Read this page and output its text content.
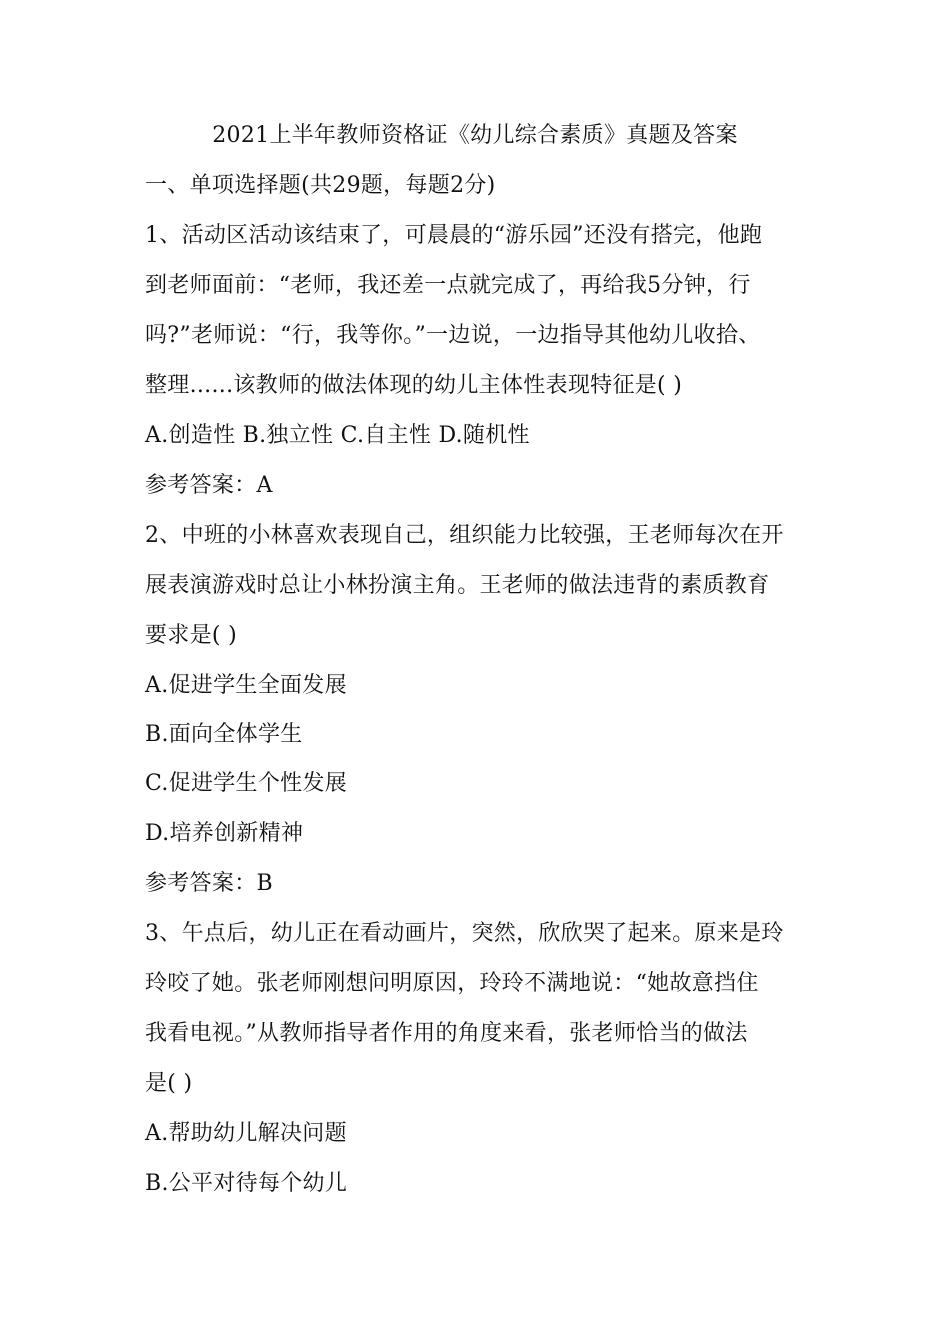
2021上半年教师资格证《幼儿综合素质》真题及答案
一、单项选择题(共29题，每题2分)
1、活动区活动该结束了，可晨晨的“游乐园”还没有搭完，他跑
到老师面前：“老师，我还差一点就完成了，再给我5分钟，行
吗?”老师说：“行，我等你。”一边说，一边指导其他幼儿收拾、
整理......该教师的做法体现的幼儿主体性表现特征是( )
A.创造性 B.独立性 C.自主性 D.随机性
参考答案：A
2、中班的小林喜欢表现自己，组织能力比较强，王老师每次在开
展表演游戏时总让小林扮演主角。王老师的做法违背的素质教育
要求是( )
A.促进学生全面发展
B.面向全体学生
C.促进学生个性发展
D.培养创新精神
参考答案：B
3、午点后，幼儿正在看动画片，突然，欣欣哭了起来。原来是玲
玲咬了她。张老师刚想问明原因，玲玲不满地说：“她故意挡住
我看电视。”从教师指导者作用的角度来看，张老师恰当的做法
是( )
A.帮助幼儿解决问题
B.公平对待每个幼儿
